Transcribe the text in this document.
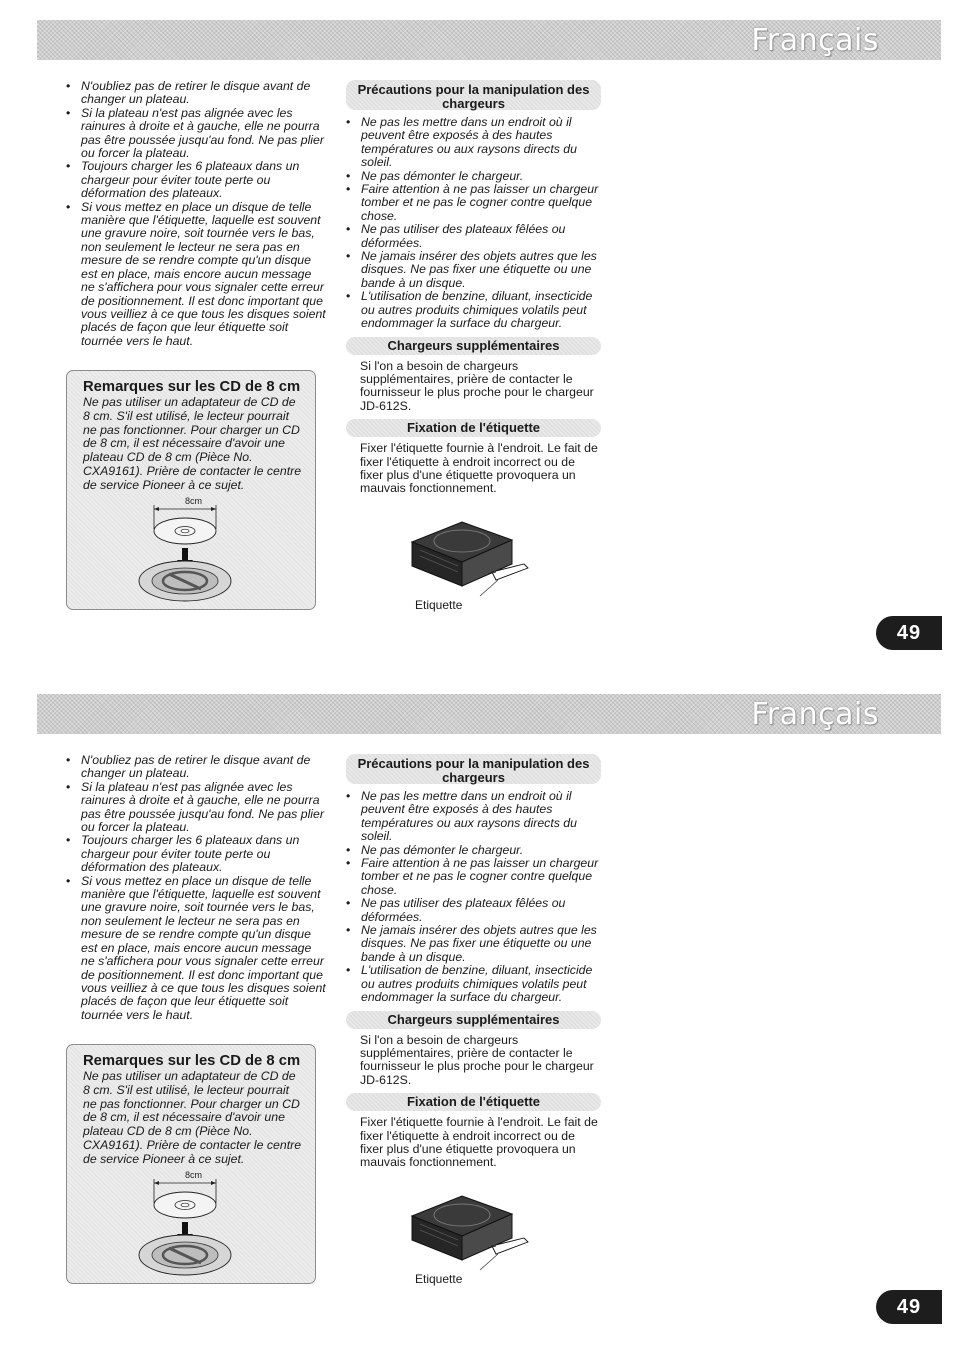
Français
• N'oubliez pas de retirer le disque avant de changer un plateau.
• Si la plateau n'est pas alignée avec les rainures à droite et à gauche, elle ne pourra pas être poussée jusqu'au fond. Ne pas plier ou forcer la plateau.
• Toujours charger les 6 plateaux dans un chargeur pour éviter toute perte ou déformation des plateaux.
• Si vous mettez en place un disque de telle manière que l'étiquette, laquelle est souvent une gravure noire, soit tournée vers le bas, non seulement le lecteur ne sera pas en mesure de se rendre compte qu'un disque est en place, mais encore aucun message ne s'affichera pour vous signaler cette erreur de positionnement. Il est donc important que vous veilliez à ce que tous les disques soient placés de façon que leur étiquette soit tournée vers le haut.
Remarques sur les CD de 8 cm
Ne pas utiliser un adaptateur de CD de 8 cm. S'il est utilisé, le lecteur pourrait ne pas fonctionner. Pour charger un CD de 8 cm, il est nécessaire d'avoir une plateau CD de 8 cm (Pièce No. CXA9161). Prière de contacter le centre de service Pioneer à ce sujet.
8cm
Précautions pour la manipulation des chargeurs
• Ne pas les mettre dans un endroit où il peuvent être exposés à des hautes températures ou aux raysons directs du soleil.
• Ne pas démonter le chargeur.
• Faire attention à ne pas laisser un chargeur tomber et ne pas le cogner contre quelque chose.
• Ne pas utiliser des plateaux fêlées ou déformées.
• Ne jamais insérer des objets autres que les disques. Ne pas fixer une étiquette ou une bande à un disque.
• L'utilisation de benzine, diluant, insecticide ou autres produits chimiques volatils peut endommager la surface du chargeur.
Chargeurs supplémentaires
Si l'on a besoin de chargeurs supplémentaires, prière de contacter le fournisseur le plus proche pour le chargeur JD-612S.
Fixation de l'étiquette
Fixer l'étiquette fournie à l'endroit. Le fait de fixer l'étiquette à endroit incorrect ou de fixer plus d'une étiquette provoquera un mauvais fonctionnement.
Etiquette
49
Français
• N'oubliez pas de retirer le disque avant de changer un plateau.
• Si la plateau n'est pas alignée avec les rainures à droite et à gauche, elle ne pourra pas être poussée jusqu'au fond. Ne pas plier ou forcer la plateau.
• Toujours charger les 6 plateaux dans un chargeur pour éviter toute perte ou déformation des plateaux.
• Si vous mettez en place un disque de telle manière que l'étiquette, laquelle est souvent une gravure noire, soit tournée vers le bas, non seulement le lecteur ne sera pas en mesure de se rendre compte qu'un disque est en place, mais encore aucun message ne s'affichera pour vous signaler cette erreur de positionnement. Il est donc important que vous veilliez à ce que tous les disques soient placés de façon que leur étiquette soit tournée vers le haut.
Remarques sur les CD de 8 cm
Ne pas utiliser un adaptateur de CD de 8 cm. S'il est utilisé, le lecteur pourrait ne pas fonctionner. Pour charger un CD de 8 cm, il est nécessaire d'avoir une plateau CD de 8 cm (Pièce No. CXA9161). Prière de contacter le centre de service Pioneer à ce sujet.
8cm
Précautions pour la manipulation des chargeurs
• Ne pas les mettre dans un endroit où il peuvent être exposés à des hautes températures ou aux raysons directs du soleil.
• Ne pas démonter le chargeur.
• Faire attention à ne pas laisser un chargeur tomber et ne pas le cogner contre quelque chose.
• Ne pas utiliser des plateaux fêlées ou déformées.
• Ne jamais insérer des objets autres que les disques. Ne pas fixer une étiquette ou une bande à un disque.
• L'utilisation de benzine, diluant, insecticide ou autres produits chimiques volatils peut endommager la surface du chargeur.
Chargeurs supplémentaires
Si l'on a besoin de chargeurs supplémentaires, prière de contacter le fournisseur le plus proche pour le chargeur JD-612S.
Fixation de l'étiquette
Fixer l'étiquette fournie à l'endroit. Le fait de fixer l'étiquette à endroit incorrect ou de fixer plus d'une étiquette provoquera un mauvais fonctionnement.
Etiquette
49
